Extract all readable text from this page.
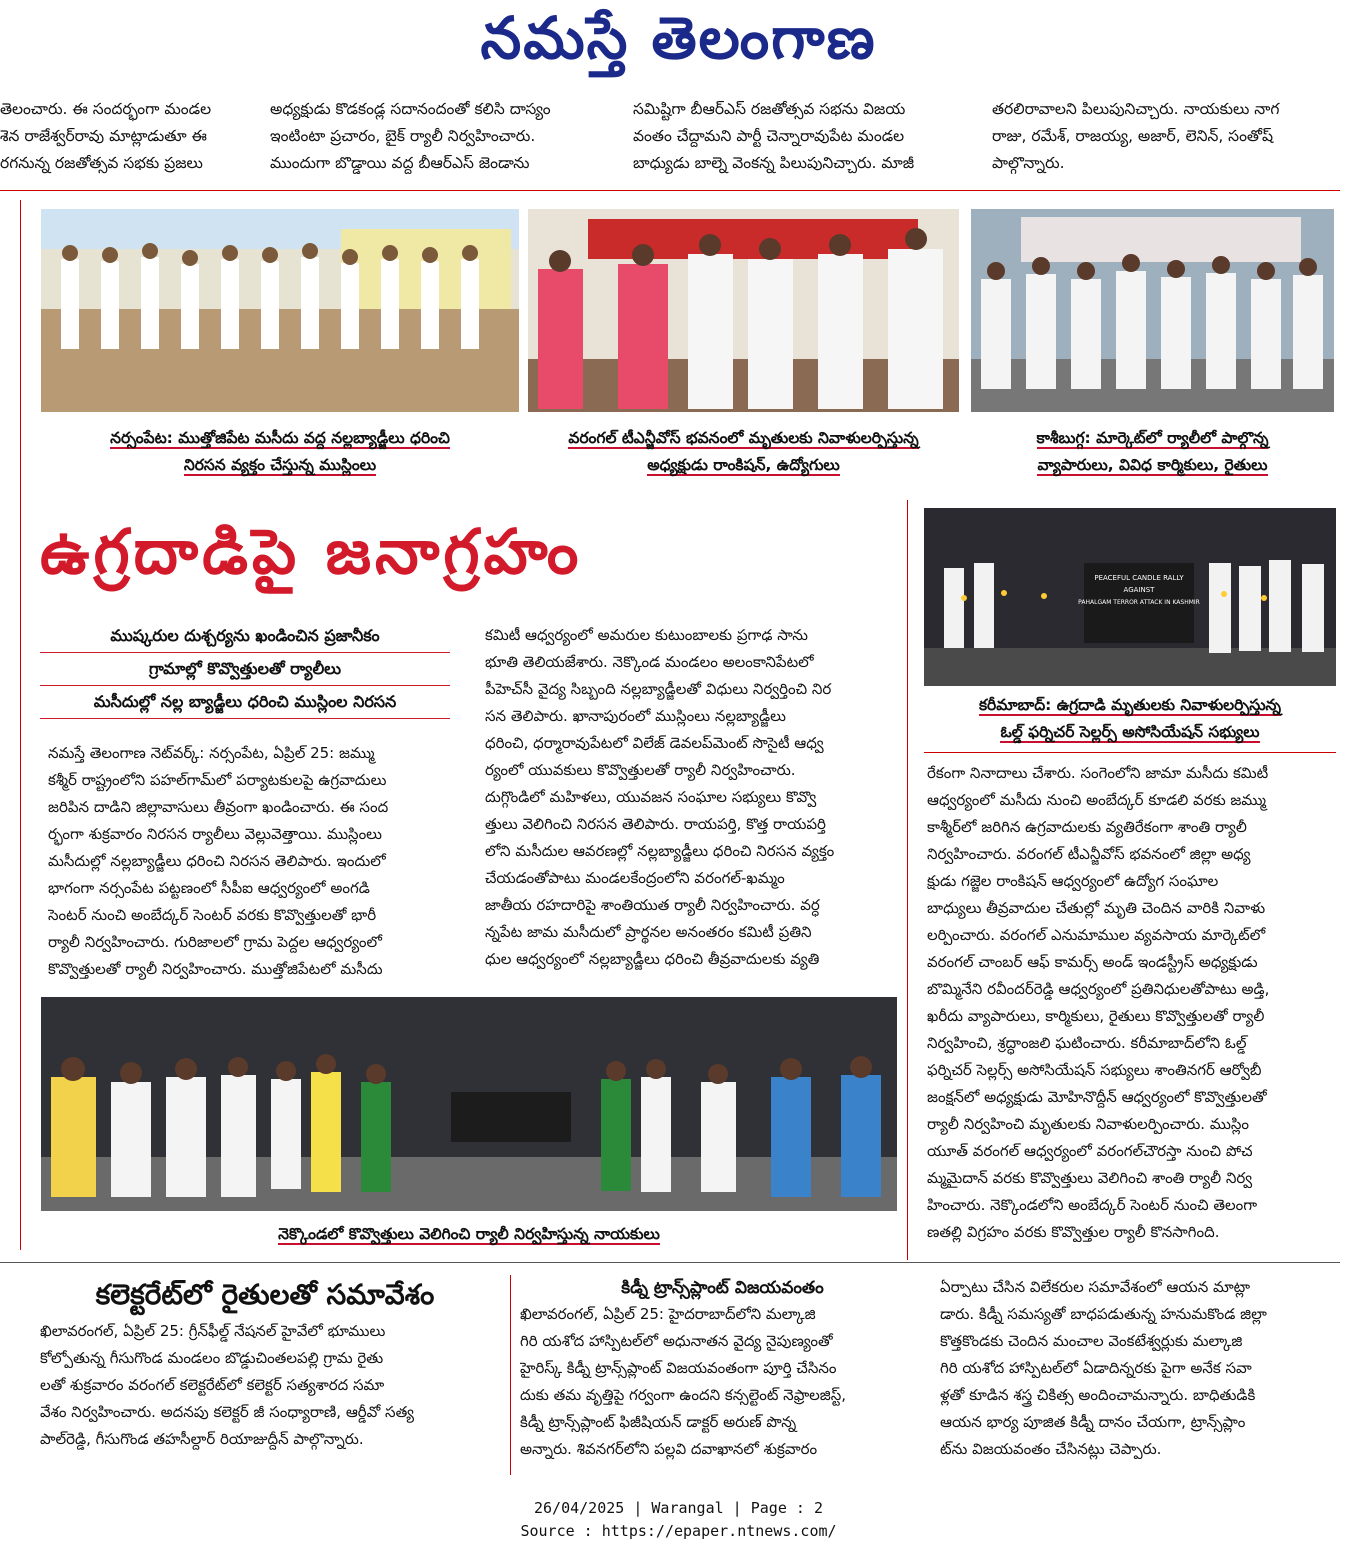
నమస్తే తెలంగాణ

తెలంచారు. ఈ సందర్భంగా మండల

శెన రాజేశ్వర్‌రావు మాట్లాడుతూ ఈ

రగనున్న రజతోత్సవ సభకు ప్రజలు

అధ్యక్షుడు కొడకండ్ల సదానందంతో కలిసి దాస్యం

ఇంటింటా ప్రచారం, బైక్ ర్యాలీ నిర్వహించారు.

ముందుగా బొడ్డాయి వద్ద బీఆర్‌ఎస్ జెండాను

సమిష్టిగా బీఆర్‌ఎస్ రజతోత్సవ సభను విజయ

వంతం చేద్దామని పార్టీ చెన్నారావుపేట మండల

బాధ్యుడు బాల్నె వెంకన్న పిలుపునిచ్చారు. మాజీ

తరలిరావాలని పిలుపునిచ్చారు. నాయకులు నాగ

రాజు, రమేశ్, రాజయ్య, అజార్, లెనిన్, సంతోష్

పాల్గొన్నారు.

నర్సంపేట: ముత్తోజిపేట మసీదు వద్ద నల్లబ్యాడ్జీలు ధరించి
నిరసన వ్యక్తం చేస్తున్న ముస్లింలు
వరంగల్ టీఎన్జీవోస్ భవనంలో మృతులకు నివాళులర్పిస్తున్న
అధ్యక్షుడు రాంకిషన్, ఉద్యోగులు
కాశీబుగ్గ: మార్కెట్‌లో ర్యాలీలో పాల్గొన్న
వ్యాపారులు, వివిధ కార్మికులు, రైతులు
ఉగ్రదాడిపై జనాగ్రహం
ముష్కరుల దుశ్చర్యను ఖండించిన ప్రజానీకం
గ్రామాల్లో కొవ్వొత్తులతో ర్యాలీలు
మసీదుల్లో నల్ల బ్యాడ్జీలు ధరించి ముస్లింల నిరసన

నమస్తే తెలంగాణ నెట్‌వర్క్: నర్సంపేట, ఏప్రిల్ 25: జమ్ము

కశ్మీర్ రాష్ట్రంలోని పహల్‌గామ్‌లో పర్యాటకులపై ఉగ్రవాదులు

జరిపిన దాడిని జిల్లావాసులు తీవ్రంగా ఖండించారు. ఈ సంద

ర్భంగా శుక్రవారం నిరసన ర్యాలీలు వెల్లువెత్తాయి. ముస్లింలు

మసీదుల్లో నల్లబ్యాడ్జీలు ధరించి నిరసన తెలిపారు. ఇందులో

భాగంగా నర్సంపేట పట్టణంలో సీపీఐ ఆధ్వర్యంలో అంగడి

సెంటర్ నుంచి అంబేద్కర్ సెంటర్ వరకు కొవ్వొత్తులతో భారీ

ర్యాలీ నిర్వహించారు. గురిజాలలో గ్రామ పెద్దల ఆధ్వర్యంలో

కొవ్వొత్తులతో ర్యాలీ నిర్వహించారు. ముత్తోజిపేటలో మసీదు

కమిటీ ఆధ్వర్యంలో అమరుల కుటుంబాలకు ప్రగాఢ సాను

భూతి తెలియజేశారు. నెక్కొండ మండలం అలంకానిపేటలో

పీహెచ్‌సీ వైద్య సిబ్బంది నల్లబ్యాడ్జీలతో విధులు నిర్వర్తించి నిర

సన తెలిపారు. ఖానాపురంలో ముస్లింలు నల్లబ్యాడ్జీలు

ధరించి, ధర్మారావుపేటలో విలేజ్ డెవలప్‌మెంట్ సొసైటీ ఆధ్వ

ర్యంలో యువకులు కొవ్వొత్తులతో ర్యాలీ నిర్వహించారు.

దుగ్గొండిలో మహిళలు, యువజన సంఘాల సభ్యులు కొవ్వొ

త్తులు వెలిగించి నిరసన తెలిపారు. రాయపర్తి, కొత్త రాయపర్తి

లోని మసీదుల ఆవరణల్లో నల్లబ్యాడ్జీలు ధరించి నిరసన వ్యక్తం

చేయడంతోపాటు మండలకేంద్రంలోని వరంగల్-ఖమ్మం

జాతీయ రహదారిపై శాంతియుత ర్యాలీ నిర్వహించారు. వర్ధ

న్నపేట జామ మసీదులో ప్రార్థనల అనంతరం కమిటీ ప్రతిని

ధుల ఆధ్వర్యంలో నల్లబ్యాడ్జీలు ధరించి తీవ్రవాదులకు వ్యతి

PEACEFUL CANDLE RALLY
AGAINST
PAHALGAM TERROR ATTACK IN KASHMIR
కరీమాబాద్: ఉగ్రదాడి మృతులకు నివాళులర్పిస్తున్న
ఓల్డ్ ఫర్నిచర్ సెల్లర్స్ అసోసియేషన్ సభ్యులు

రేకంగా నినాదాలు చేశారు. సంగెంలోని జామా మసీదు కమిటీ

ఆధ్వర్యంలో మసీదు నుంచి అంబేద్కర్ కూడలి వరకు జమ్ము

కాశ్మీర్‌లో జరిగిన ఉగ్రవాదులకు వ్యతిరేకంగా శాంతి ర్యాలీ

నిర్వహించారు. వరంగల్ టీఎన్జీవోస్ భవనంలో జిల్లా అధ్య

క్షుడు గజ్జెల రాంకిషన్ ఆధ్వర్యంలో ఉద్యోగ సంఘాల

బాధ్యులు తీవ్రవాదుల చేతుల్లో మృతి చెందిన వారికి నివాళు

లర్పించారు. వరంగల్ ఎనుమాముల వ్యవసాయ మార్కెట్‌లో

వరంగల్ చాంబర్ ఆఫ్ కామర్స్ అండ్ ఇండస్ట్రీస్ అధ్యక్షుడు

బొమ్మినేని రవీందర్‌రెడ్డి ఆధ్వర్యంలో ప్రతినిధులతోపాటు అడ్తి,

ఖరీదు వ్యాపారులు, కార్మికులు, రైతులు కొవ్వొత్తులతో ర్యాలీ

నిర్వహించి, శ్రద్ధాంజలి ఘటించారు. కరీమాబాద్‌లోని ఓల్డ్

ఫర్నిచర్ సెల్లర్స్ అసోసియేషన్ సభ్యులు శాంతినగర్ ఆర్వోబీ

జంక్షన్‌లో అధ్యక్షుడు మోహినొద్దీన్ ఆధ్వర్యంలో కొవ్వొత్తులతో

ర్యాలీ నిర్వహించి మృతులకు నివాళులర్పించారు. ముస్లిం

యూత్ వరంగల్ ఆధ్వర్యంలో వరంగల్‌చౌరస్తా నుంచి పోచ

మ్మమైదాన్ వరకు కొవ్వొత్తులు వెలిగించి శాంతి ర్యాలీ నిర్వ

హించారు. నెక్కొండలోని అంబేద్కర్ సెంటర్ నుంచి తెలంగా

ణతల్లి విగ్రహం వరకు కొవ్వొత్తుల ర్యాలీ కొనసాగింది.

నెక్కొండలో కొవ్వొత్తులు వెలిగించి ర్యాలీ నిర్వహిస్తున్న నాయకులు
కలెక్టరేట్‌లో రైతులతో సమావేశం

ఖిలావరంగల్, ఏప్రిల్ 25: గ్రీన్‌ఫీల్డ్ నేషనల్ హైవేలో భూములు

కోల్పోతున్న గీసుగొండ మండలం బొడ్డుచింతలపల్లి గ్రామ రైతు

లతో శుక్రవారం వరంగల్ కలెక్టరేట్‌లో కలెక్టర్ సత్యశారద సమా

వేశం నిర్వహించారు. అదనపు కలెక్టర్ జీ సంధ్యారాణి, ఆర్డీవో సత్య

పాల్‌రెడ్డి, గీసుగొండ తహసీల్దార్ రియాజుద్దీన్ పాల్గొన్నారు.

కిడ్నీ ట్రాన్స్‌ప్లాంట్ విజయవంతం

ఖిలావరంగల్, ఏప్రిల్ 25: హైదరాబాద్‌లోని మల్కాజి

గిరి యశోద హాస్పిటల్‌లో అధునాతన వైద్య నైపుణ్యంతో

హైరిస్క్ కిడ్నీ ట్రాన్స్‌ప్లాంట్ విజయవంతంగా పూర్తి చేసినం

దుకు తమ వృత్తిపై గర్వంగా ఉందని కన్సల్టెంట్ నెఫ్రాలజిస్ట్,

కిడ్నీ ట్రాన్స్‌ప్లాంట్ ఫిజీషియన్ డాక్టర్ అరుణ్ పొన్న

అన్నారు. శివనగర్‌లోని పల్లవి దవాఖానలో శుక్రవారం

ఏర్పాటు చేసిన విలేకరుల సమావేశంలో ఆయన మాట్లా

డారు. కిడ్నీ సమస్యతో బాధపడుతున్న హనుమకొండ జిల్లా

కొత్తకొండకు చెందిన మంచాల వెంకటేశ్వర్లుకు మల్కాజి

గిరి యశోద హాస్పిటల్‌లో ఏడాదిన్నరకు పైగా అనేక సవా

ళ్లతో కూడిన శస్త్ర చికిత్స అందించామన్నారు. బాధితుడికి

ఆయన భార్య పూజిత కిడ్నీ దానం చేయగా, ట్రాన్స్‌ప్లాం

ట్‌ను విజయవంతం చేసినట్లు చెప్పారు.

26/04/2025 | Warangal | Page : 2
Source : https://epaper.ntnews.com/
